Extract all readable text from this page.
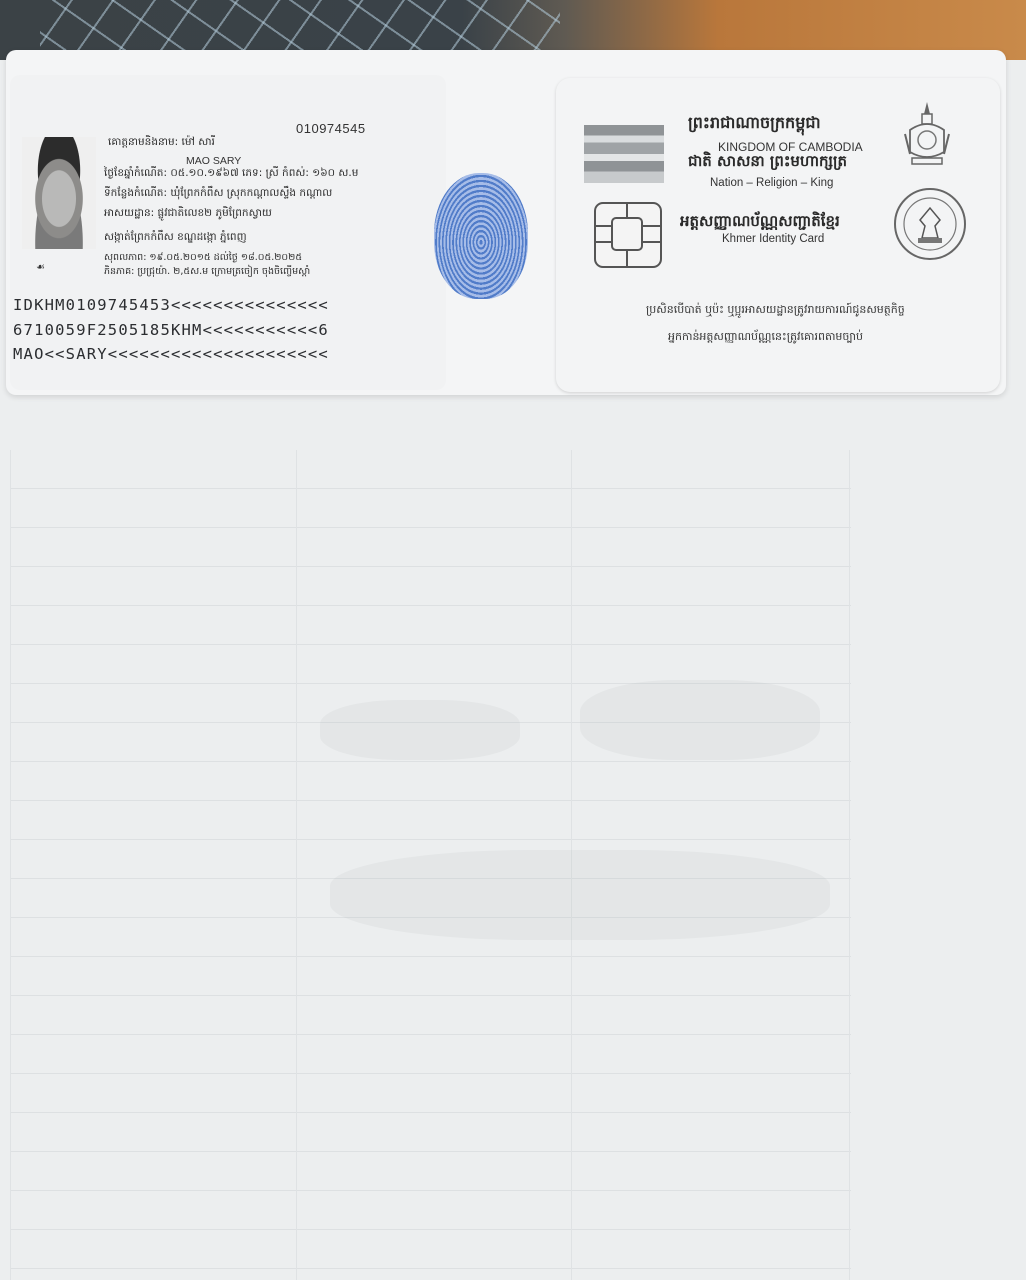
☙
010974545
គោត្តនាមនិងនាម: ម៉ៅ សារី
MAO SARY
ថ្ងៃខែឆ្នាំកំណើត: ០៥.១០.១៩៦៧ ភេទ: ស្រី កំពស់: ១៦០ ស.ម
ទីកន្លែងកំណើត: ឃុំព្រែកកំពឹស ស្រុកកណ្តាលស្ទឹង កណ្តាល
អាសយដ្ឋាន: ផ្លូវជាតិលេខ២ ភូមិព្រែកស្វាយ
សង្កាត់ព្រែកកំពឹស ខណ្ឌដង្កោ ភ្នំពេញ
សុពលភាព: ១៩.០៥.២០១៥ ដល់ថ្ងៃ ១៨.០៥.២០២៥
ភិនភាគ: ប្រជ្រុយ៉ា. ២,៥ស.ម ក្រោមត្រចៀក ចុងចិញ្ចើមស្តាំ
IDKHM0109745453<<<<<<<<<<<<<<<
6710059F2505185KHM<<<<<<<<<<<6
MAO<<SARY<<<<<<<<<<<<<<<<<<<<<
ព្រះរាជាណាចក្រកម្ពុជា
KINGDOM OF CAMBODIA
ជាតិ សាសនា ព្រះមហាក្សត្រ
Nation – Religion – King
អត្តសញ្ញាណប័ណ្ណសញ្ជាតិខ្មែរ
Khmer Identity Card
ប្រសិនបើបាត់ ឬប៉ះ ឬប្អូរអាសយដ្ឋានត្រូវរាយការណ៍ជូនសមត្ថកិច្ច
អ្នកកាន់អត្តសញ្ញាណប័ណ្ណនេះត្រូវគោរពតាមច្បាប់
